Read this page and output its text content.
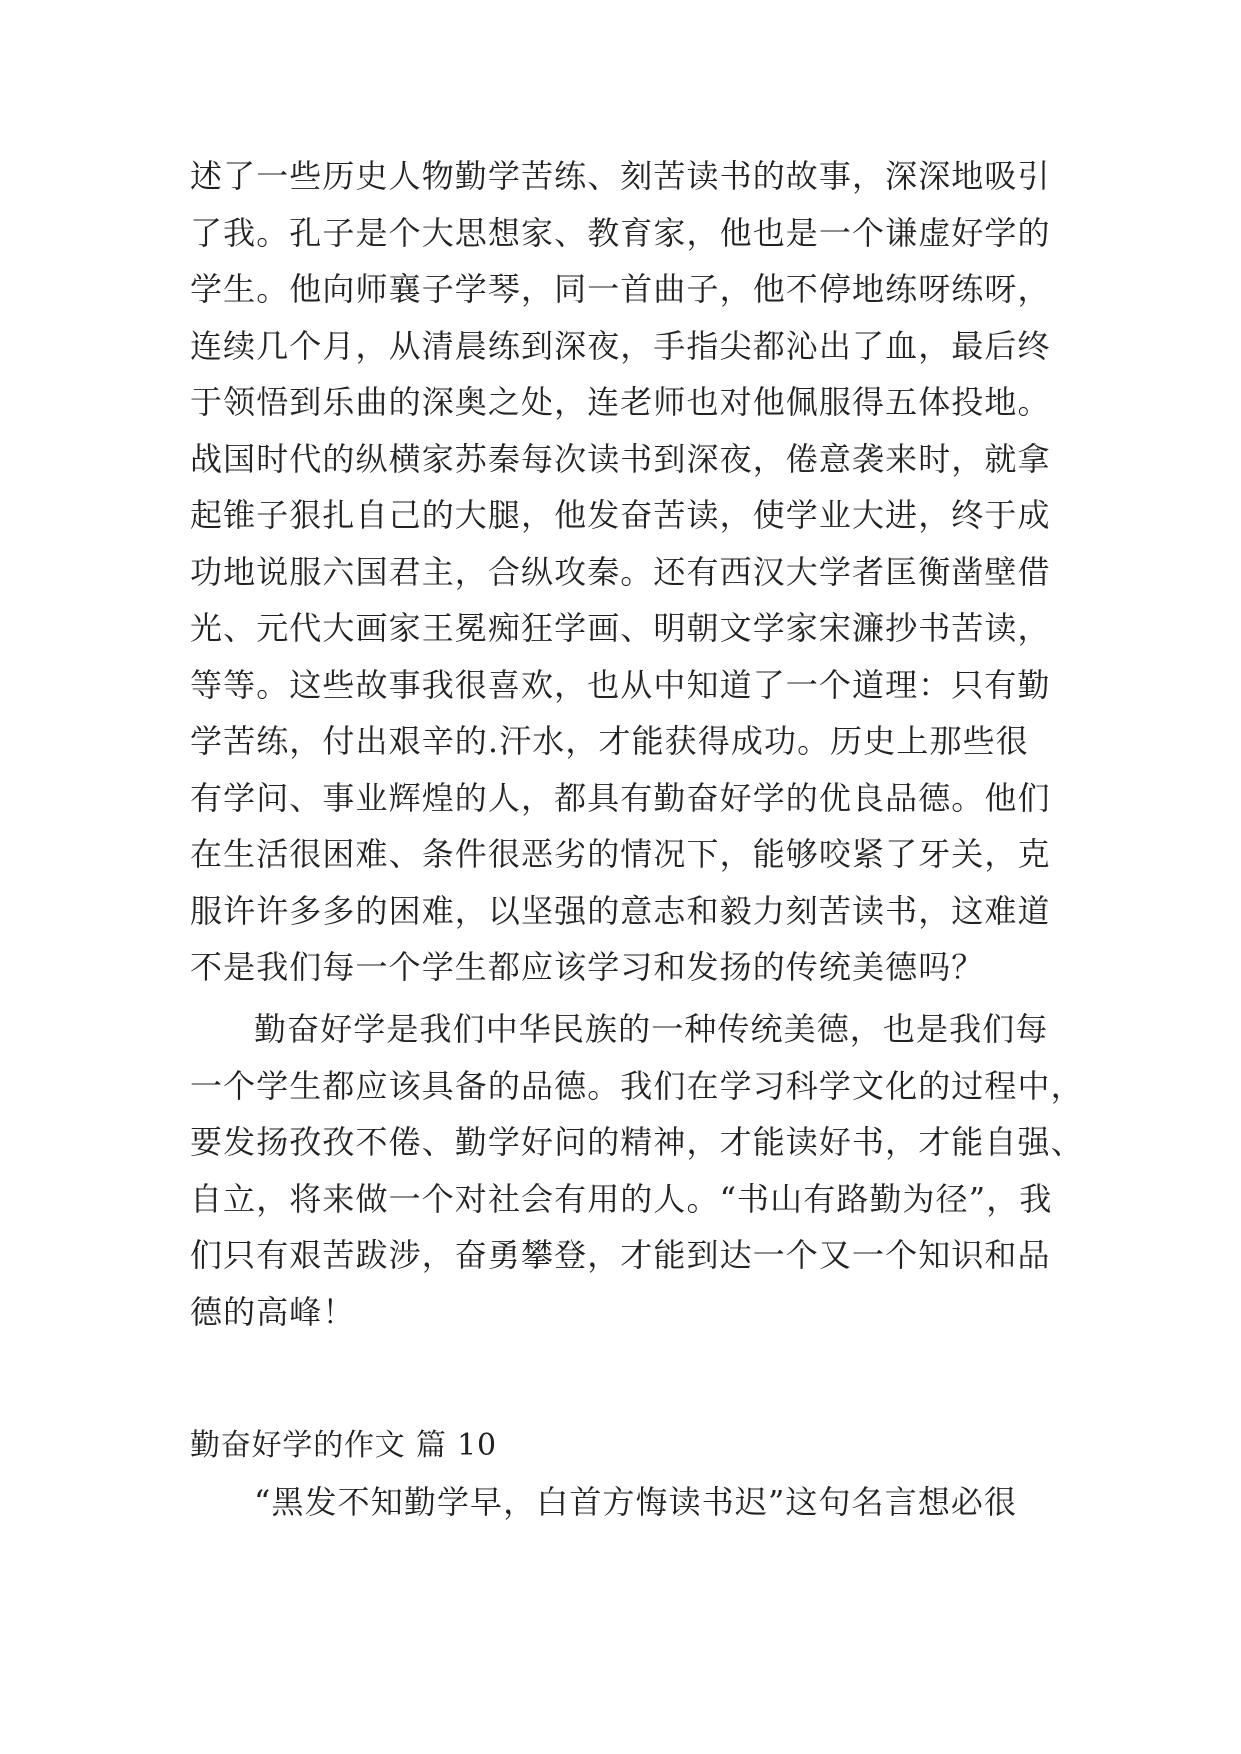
述了一些历史人物勤学苦练、刻苦读书的故事，深深地吸引
了我。孔子是个大思想家、教育家，他也是一个谦虚好学的
学生。他向师襄子学琴，同一首曲子，他不停地练呀练呀，
连续几个月，从清晨练到深夜，手指尖都沁出了血，最后终
于领悟到乐曲的深奥之处，连老师也对他佩服得五体投地。
战国时代的纵横家苏秦每次读书到深夜，倦意袭来时，就拿
起锥子狠扎自己的大腿，他发奋苦读，使学业大进，终于成
功地说服六国君主，合纵攻秦。还有西汉大学者匡衡凿壁借
光、元代大画家王冕痴狂学画、明朝文学家宋濂抄书苦读，
等等。这些故事我很喜欢，也从中知道了一个道理：只有勤
学苦练，付出艰辛的.汗水，才能获得成功。历史上那些很
有学问、事业辉煌的人，都具有勤奋好学的优良品德。他们
在生活很困难、条件很恶劣的情况下，能够咬紧了牙关，克
服许许多多的困难，以坚强的意志和毅力刻苦读书，这难道
不是我们每一个学生都应该学习和发扬的传统美德吗？
勤奋好学是我们中华民族的一种传统美德，也是我们每
一个学生都应该具备的品德。我们在学习科学文化的过程中，
要发扬孜孜不倦、勤学好问的精神，才能读好书，才能自强、
自立，将来做一个对社会有用的人。“书山有路勤为径”，我
们只有艰苦跋涉，奋勇攀登，才能到达一个又一个知识和品
德的高峰！
勤奋好学的作文 篇 10
“黑发不知勤学早，白首方悔读书迟”这句名言想必很
